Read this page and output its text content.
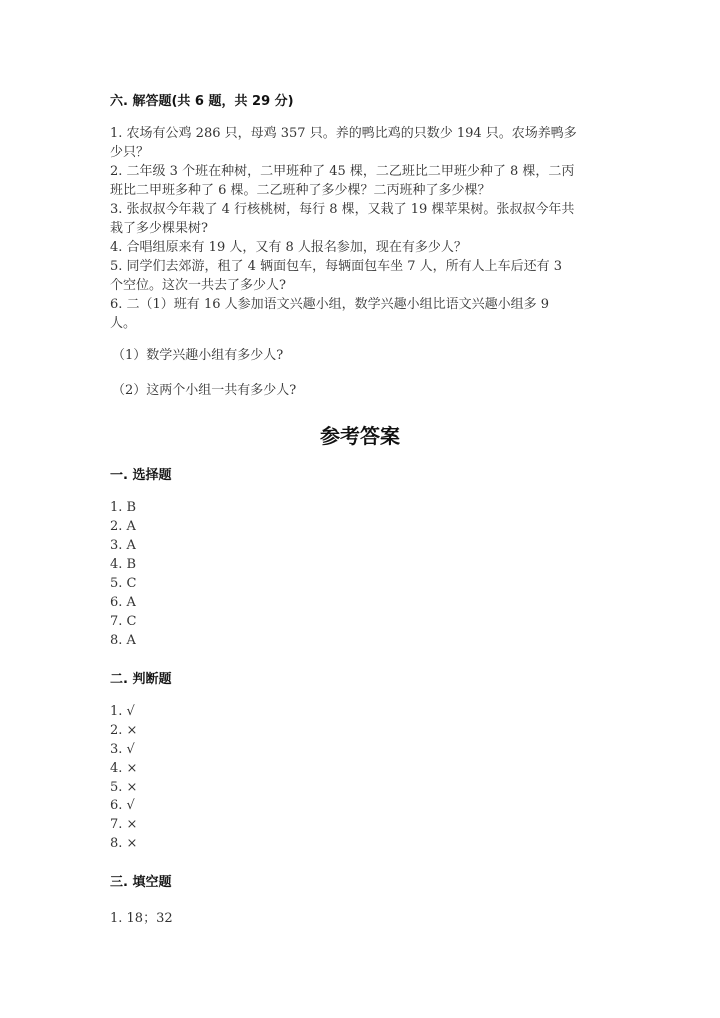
六. 解答题(共 6 题，共 29 分)
1. 农场有公鸡 286 只，母鸡 357 只。养的鸭比鸡的只数少 194 只。农场养鸭多
少只？
2. 二年级 3 个班在种树，二甲班种了 45 棵，二乙班比二甲班少种了 8 棵，二丙
班比二甲班多种了 6 棵。二乙班种了多少棵？二丙班种了多少棵？
3. 张叔叔今年栽了 4 行核桃树，每行 8 棵，又栽了 19 棵苹果树。张叔叔今年共
栽了多少棵果树?
4. 合唱组原来有 19 人，又有 8 人报名参加，现在有多少人？
5. 同学们去郊游，租了 4 辆面包车，每辆面包车坐 7 人，所有人上车后还有 3
个空位。这次一共去了多少人?
6. 二（1）班有 16 人参加语文兴趣小组，数学兴趣小组比语文兴趣小组多 9
人。
（1）数学兴趣小组有多少人?
（2）这两个小组一共有多少人?
参考答案
一. 选择题
1. B
2. A
3. A
4. B
5. C
6. A
7. C
8. A
二. 判断题
1. √
2. ×
3. √
4. ×
5. ×
6. √
7. ×
8. ×
三. 填空题
1. 18；32
